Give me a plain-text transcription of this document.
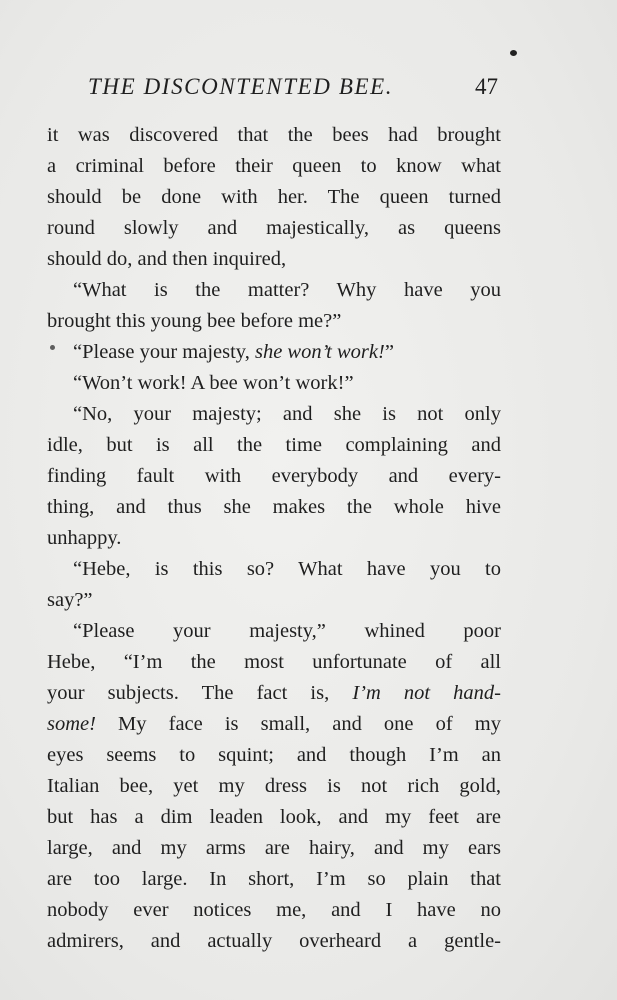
THE DISCONTENTED BEE.	47
it was discovered that the bees had brought
a criminal before their queen to know what
should be done with her. The queen turned
round slowly and majestically, as queens
should do, and then inquired,
“What is the matter? Why have you
brought this young bee before me?”
“Please your majesty, she won’t work!”
“Won’t work! A bee won’t work!”
“No, your majesty; and she is not only
idle, but is all the time complaining and
finding fault with everybody and every-
thing, and thus she makes the whole hive
unhappy.
“Hebe, is this so? What have you to
say?”
“Please your majesty,” whined poor
Hebe, “I’m the most unfortunate of all
your subjects. The fact is, I’m not hand-
some! My face is small, and one of my
eyes seems to squint; and though I’m an
Italian bee, yet my dress is not rich gold,
but has a dim leaden look, and my feet are
large, and my arms are hairy, and my ears
are too large. In short, I’m so plain that
nobody ever notices me, and I have no
admirers, and actually overheard a gentle-
